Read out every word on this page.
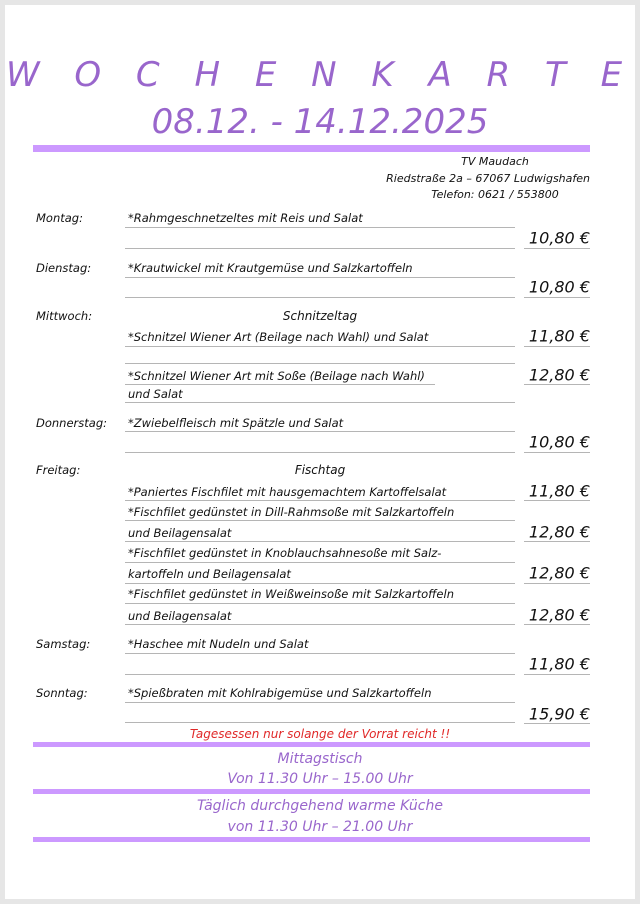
W O C H E N K A R T E
08.12. - 14.12.2025
TV Maudach
Riedstraße 2a – 67067 Ludwigshafen
Telefon: 0621 / 553800
Montag:	*Rahmgeschnetzeltes mit Reis und Salat
10,80 €
Dienstag:	*Krautwickel mit Krautgemüse und Salzkartoffeln
10,80 €
Mittwoch:	Schnitzeltag
*Schnitzel Wiener Art (Beilage nach Wahl) und Salat	11,80 €
*Schnitzel Wiener Art mit Soße (Beilage nach Wahl)	12,80 €
und Salat
Donnerstag: *Zwiebelfleisch mit Spätzle und Salat
10,80 €
Freitag:	Fischtag
*Paniertes Fischfilet mit hausgemachtem Kartoffelsalat	11,80 €
*Fischfilet gedünstet in Dill-Rahmsoße mit Salzkartoffeln
und Beilagensalat	12,80 €
*Fischfilet gedünstet in Knoblauchsahnesoße mit Salz-
kartoffeln und Beilagensalat	12,80 €
*Fischfilet gedünstet in Weißweinsoße mit Salzkartoffeln
und Beilagensalat	12,80 €
Samstag:	*Haschee mit Nudeln und Salat
11,80 €
Sonntag:	*Spießbraten mit Kohlrabigemüse und Salzkartoffeln
15,90 €
Tagesessen nur solange der Vorrat reicht !!
Mittagstisch
Von 11.30 Uhr – 15.00 Uhr
Täglich durchgehend warme Küche
von 11.30 Uhr – 21.00 Uhr
